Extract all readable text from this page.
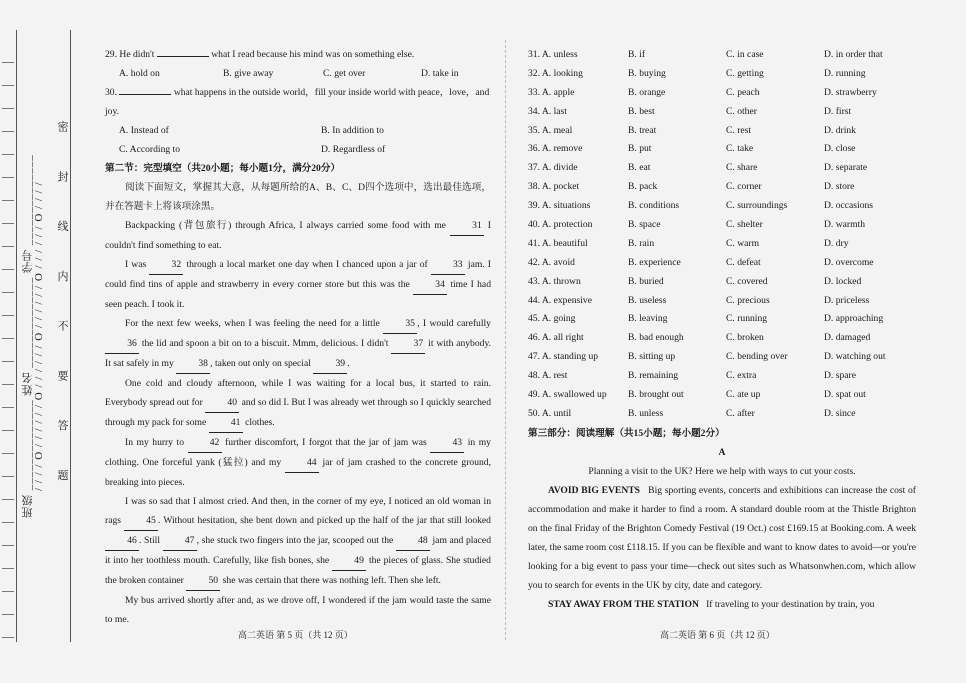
班级 ______________ 姓名 ______________ 学号 ______________ / / / / O / / / / / / O / / / / / / O / / / / / / O / / / / / / O / / / /	密 封 线 内 不 要 答 题
29. He didn't	what I read because his mind was on something else.
A. hold on	B. give away	C. get over	D. take in
30.	what happens in the outside world，fill your inside world with peace，love，and joy.
A. Instead of	B. In addition to
C. According to	D. Regardless of
第二节：完型填空（共20小题；每小题1分，满分20分）
阅读下面短文，掌握其大意，从每题所给的A、B、C、D四个选项中，选出最佳选项，并在答题卡上将该项涂黑。
Backpacking (背包旅行) through Africa, I always carried some food with me	31 I couldn't find something to eat.
I was	32 through a local market one day when I chanced upon a jar of	33 jam. I could find tins of apple and strawberry in every corner store but this was the	34 time I had seen peach. I took it.
For the next few weeks, when I was feeling the need for a little	35 , I would carefully 36 the lid and spoon a bit on to a biscuit. Mmm, delicious. I didn't	37 it with anybody. It sat safely in my	38 , taken out only on special	39 .
One cold and cloudy afternoon, while I was waiting for a local bus, it started to rain. Everybody spread out for	40 and so did I. But I was already wet through so I quickly searched through my pack for some	41 clothes.
In my hurry to	42 further discomfort, I forgot that the jar of jam was	43 in my clothing. One forceful yank (猛拉) and my	44 jar of jam crashed to the concrete ground, breaking into pieces.
I was so sad that I almost cried. And then, in the corner of my eye, I noticed an old woman in rags	45 . Without hesitation, she bent down and picked up the half of the jar that still looked 46 . Still	47 , she stuck two fingers into the jar, scooped out the	48 jam and placed it into her toothless mouth. Carefully, like fish bones, she	49 the pieces of glass. She studied the broken container	50 she was certain that there was nothing left. Then she left.
My bus arrived shortly after and, as we drove off, I wondered if the jam would taste the same to me.
高二英语 第 5 页（共 12 页）
31. A. unless	B. if	C. in case	D. in order that
32. A. looking	B. buying	C. getting	D. running
33. A. apple	B. orange	C. peach	D. strawberry
34. A. last	B. best	C. other	D. first
35. A. meal	B. treat	C. rest	D. drink
36. A. remove	B. put	C. take	D. close
37. A. divide	B. eat	C. share	D. separate
38. A. pocket	B. pack	C. corner	D. store
39. A. situations	B. conditions	C. surroundings	D. occasions
40. A. protection	B. space	C. shelter	D. warmth
41. A. beautiful	B. rain	C. warm	D. dry
42. A. avoid	B. experience	C. defeat	D. overcome
43. A. thrown	B. buried	C. covered	D. locked
44. A. expensive	B. useless	C. precious	D. priceless
45. A. going	B. leaving	C. running	D. approaching
46. A. all right	B. bad enough	C. broken	D. damaged
47. A. standing up	B. sitting up	C. bending over	D. watching out
48. A. rest	B. remaining	C. extra	D. spare
49. A. swallowed up	B. brought out	C. ate up	D. spat out
50. A. until	B. unless	C. after	D. since
第三部分：阅读理解（共15小题；每小题2分）
A
Planning a visit to the UK? Here we help with ways to cut your costs.
AVOID BIG EVENTS Big sporting events, concerts and exhibitions can increase the cost of accommodation and make it harder to find a room. A standard double room at the Thistle Brighton on the final Friday of the Brighton Comedy Festival (19 Oct.) cost £169.15 at Booking.com. A week later, the same room cost £118.15. If you can be flexible and want to know dates to avoid—or you're looking for a big event to pass your time—check out sites such as Whatsonwhen.com, which allow you to search for events in the UK by city, date and category.
STAY AWAY FROM THE STATION If traveling to your destination by train, you
高二英语 第 6 页（共 12 页）
